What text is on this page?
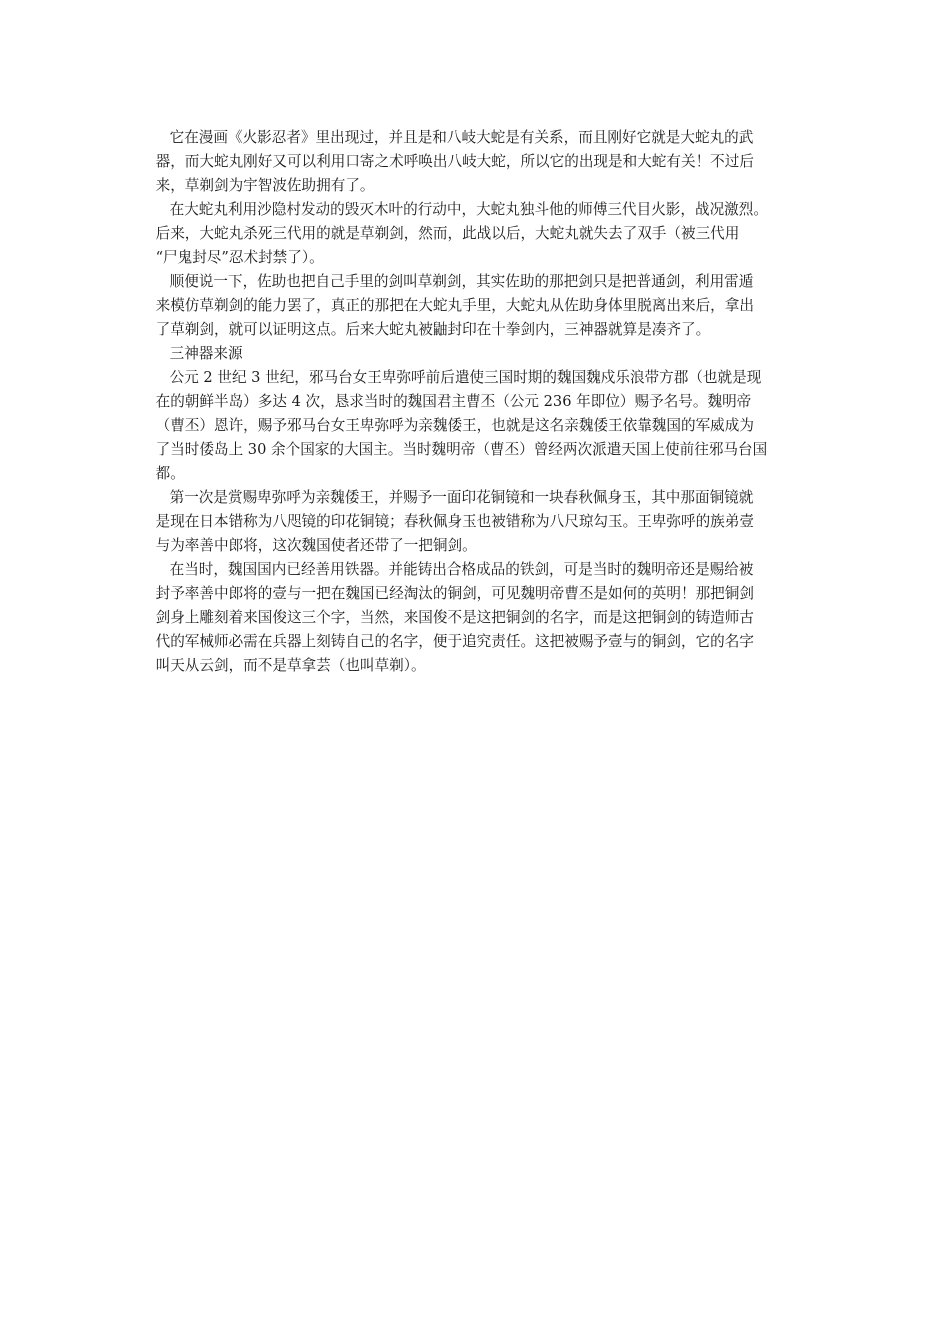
它在漫画《火影忍者》里出现过，并且是和八岐大蛇是有关系，而且刚好它就是大蛇丸的武
器，而大蛇丸刚好又可以利用口寄之术呼唤出八岐大蛇，所以它的出现是和大蛇有关！不过后
来，草剃剑为宇智波佐助拥有了。
在大蛇丸利用沙隐村发动的毁灭木叶的行动中，大蛇丸独斗他的师傅三代目火影，战况激烈。
后来，大蛇丸杀死三代用的就是草剃剑，然而，此战以后，大蛇丸就失去了双手（被三代用
“尸鬼封尽”忍术封禁了）。
顺便说一下，佐助也把自己手里的剑叫草剃剑，其实佐助的那把剑只是把普通剑，利用雷遁
来模仿草剃剑的能力罢了，真正的那把在大蛇丸手里，大蛇丸从佐助身体里脱离出来后，拿出
了草剃剑，就可以证明这点。后来大蛇丸被鼬封印在十拳剑内，三神器就算是凑齐了。
三神器来源
公元 2 世纪 3 世纪，邪马台女王卑弥呼前后遣使三国时期的魏国魏戍乐浪带方郡（也就是现
在的朝鲜半岛）多达 4 次，恳求当时的魏国君主曹丕（公元 236 年即位）赐予名号。魏明帝
（曹丕）恩许，赐予邪马台女王卑弥呼为亲魏倭王，也就是这名亲魏倭王依靠魏国的军威成为
了当时倭岛上 30 余个国家的大国主。当时魏明帝（曹丕）曾经两次派遣天国上使前往邪马台国
都。
第一次是赏赐卑弥呼为亲魏倭王，并赐予一面印花铜镜和一块春秋佩身玉，其中那面铜镜就
是现在日本错称为八咫镜的印花铜镜；春秋佩身玉也被错称为八尺琼勾玉。王卑弥呼的族弟壹
与为率善中郎将，这次魏国使者还带了一把铜剑。
在当时，魏国国内已经善用铁器。并能铸出合格成品的铁剑，可是当时的魏明帝还是赐给被
封予率善中郎将的壹与一把在魏国已经淘汰的铜剑，可见魏明帝曹丕是如何的英明！那把铜剑
剑身上雕刻着来国俊这三个字，当然，来国俊不是这把铜剑的名字，而是这把铜剑的铸造师古
代的军械师必需在兵器上刻铸自己的名字，便于追究责任。这把被赐予壹与的铜剑，它的名字
叫天从云剑，而不是草拿芸（也叫草剃）。
